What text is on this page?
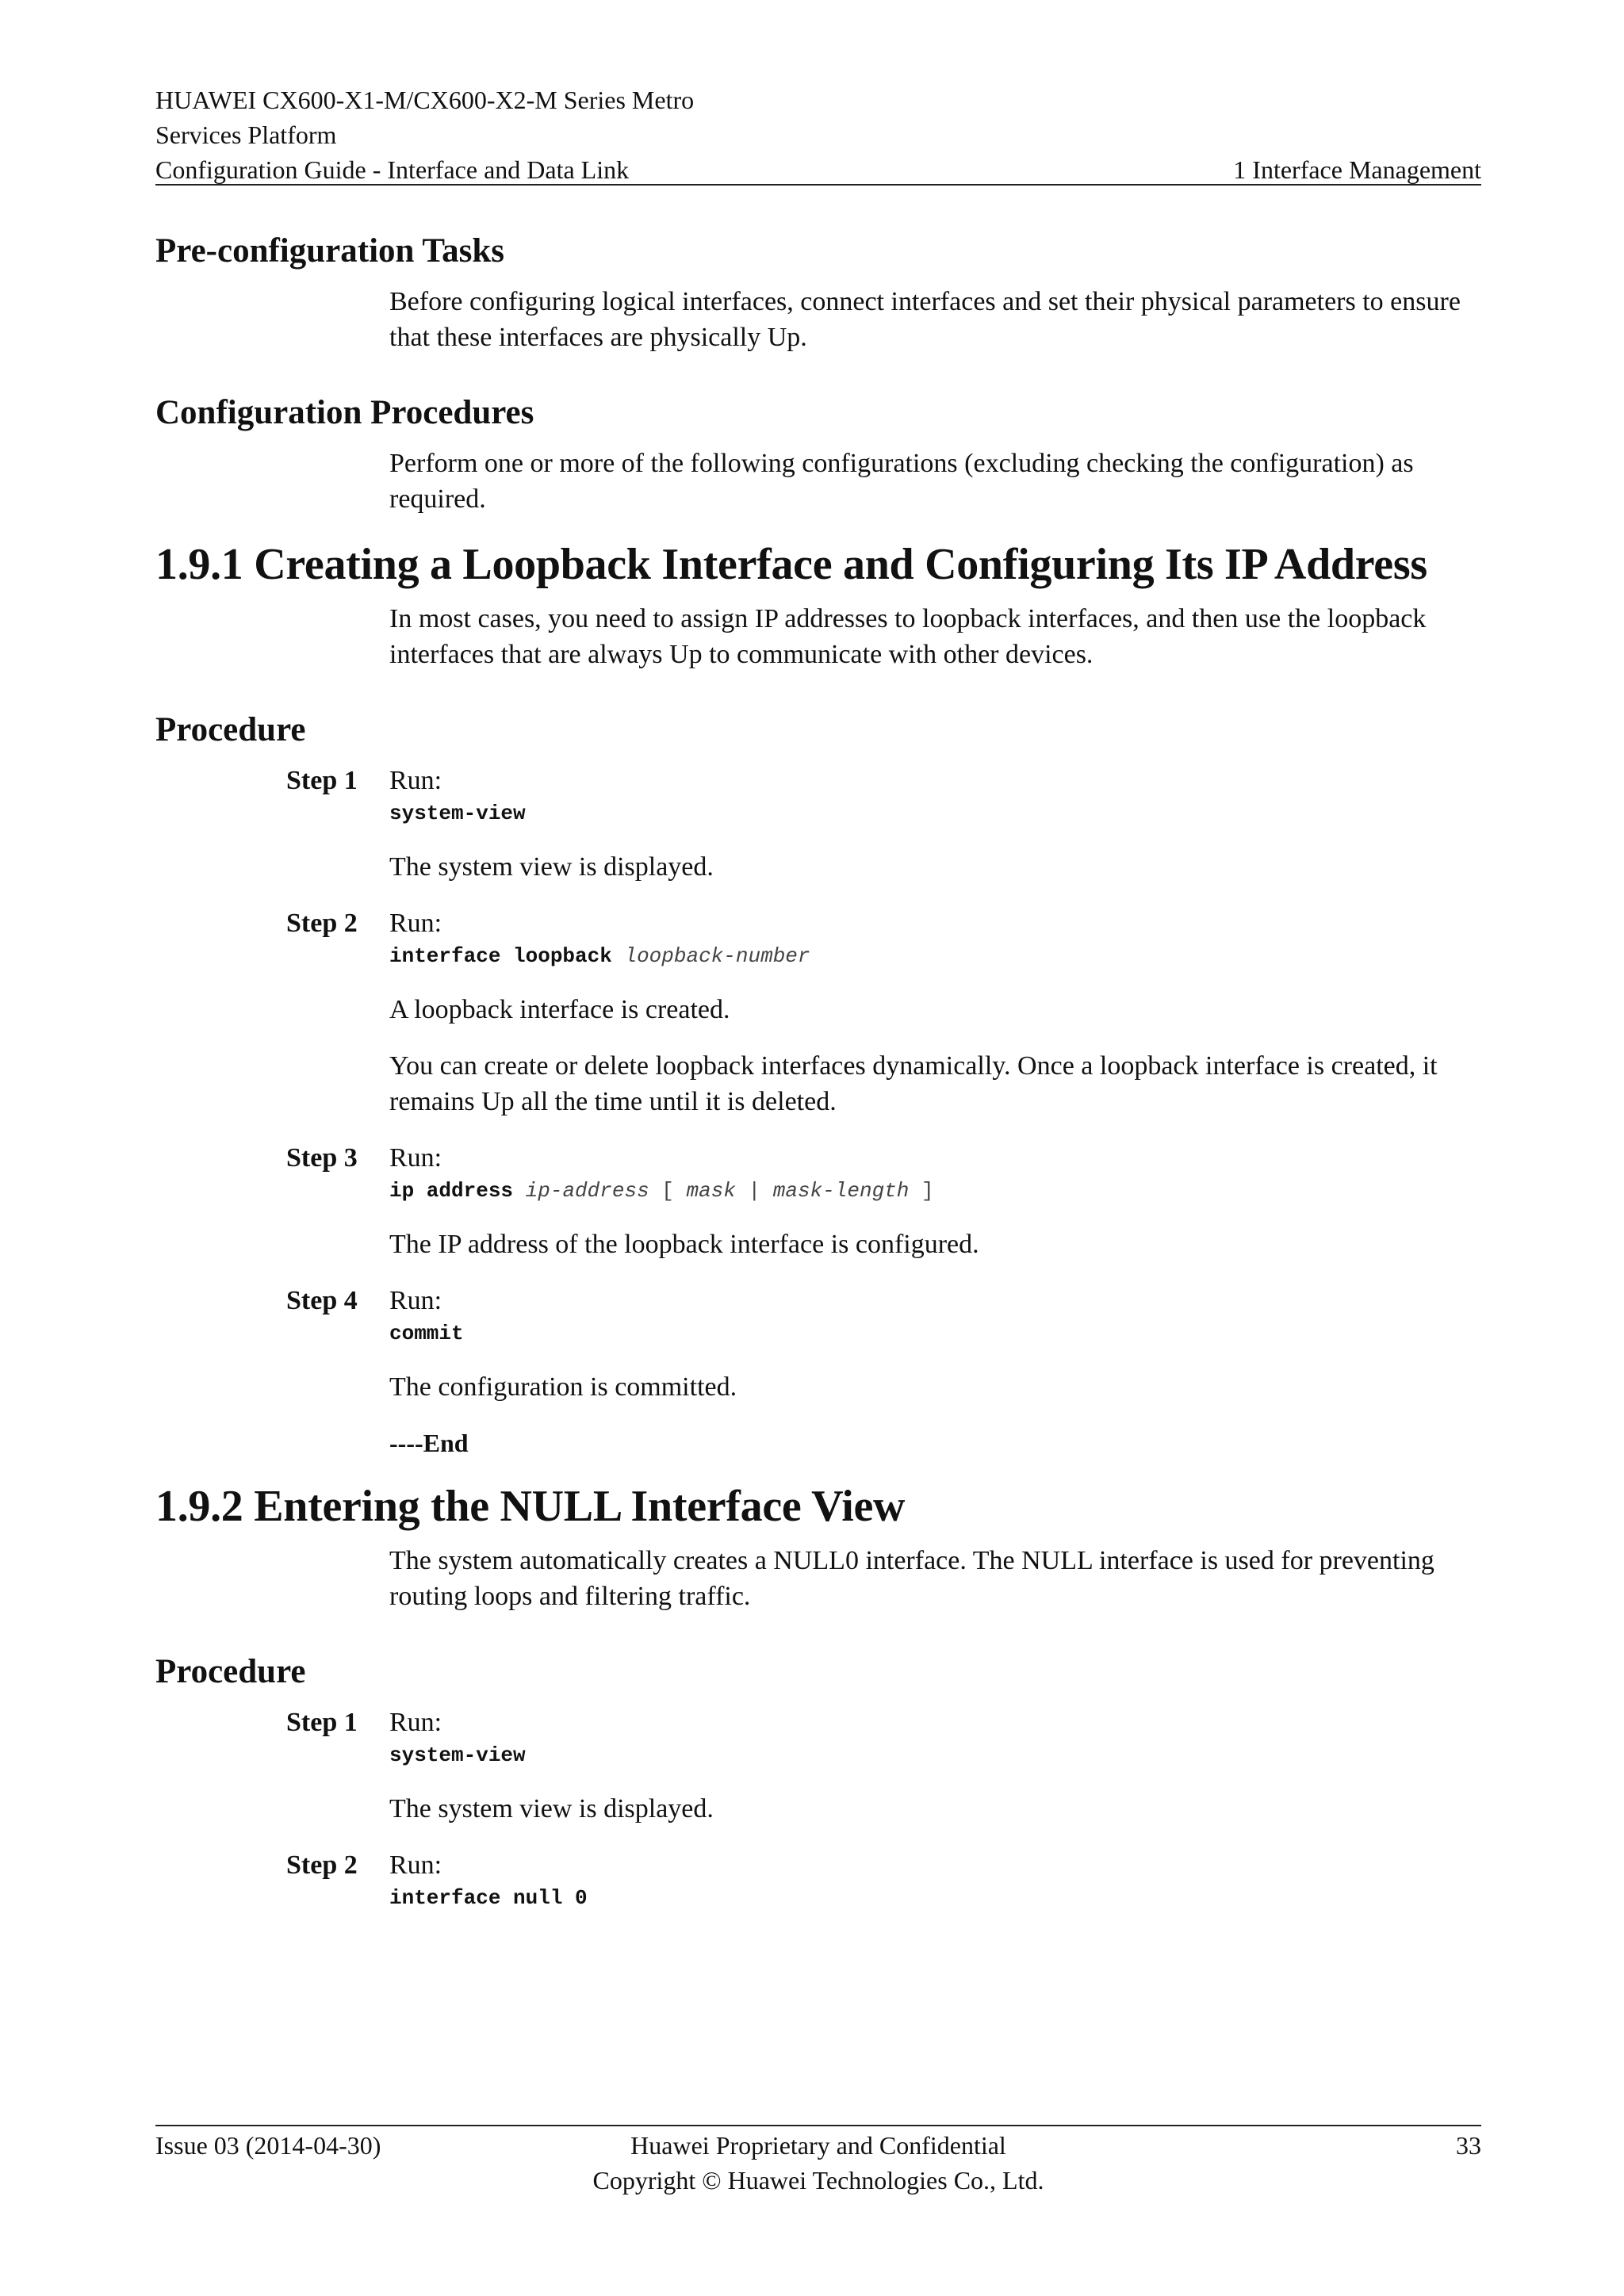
HUAWEI CX600-X1-M/CX600-X2-M Series Metro
Services Platform
Configuration Guide - Interface and Data Link	1 Interface Management
Pre-configuration Tasks
Before configuring logical interfaces, connect interfaces and set their physical parameters to ensure that these interfaces are physically Up.
Configuration Procedures
Perform one or more of the following configurations (excluding checking the configuration) as required.
1.9.1 Creating a Loopback Interface and Configuring Its IP Address
In most cases, you need to assign IP addresses to loopback interfaces, and then use the loopback interfaces that are always Up to communicate with other devices.
Procedure
Step 1	Run:
system-view
The system view is displayed.
Step 2	Run:
interface loopback loopback-number
A loopback interface is created.
You can create or delete loopback interfaces dynamically. Once a loopback interface is created, it remains Up all the time until it is deleted.
Step 3	Run:
ip address ip-address [ mask | mask-length ]
The IP address of the loopback interface is configured.
Step 4	Run:
commit
The configuration is committed.
----End
1.9.2 Entering the NULL Interface View
The system automatically creates a NULL0 interface. The NULL interface is used for preventing routing loops and filtering traffic.
Procedure
Step 1	Run:
system-view
The system view is displayed.
Step 2	Run:
interface null 0
Issue 03 (2014-04-30)	Huawei Proprietary and Confidential
Copyright © Huawei Technologies Co., Ltd.
33
